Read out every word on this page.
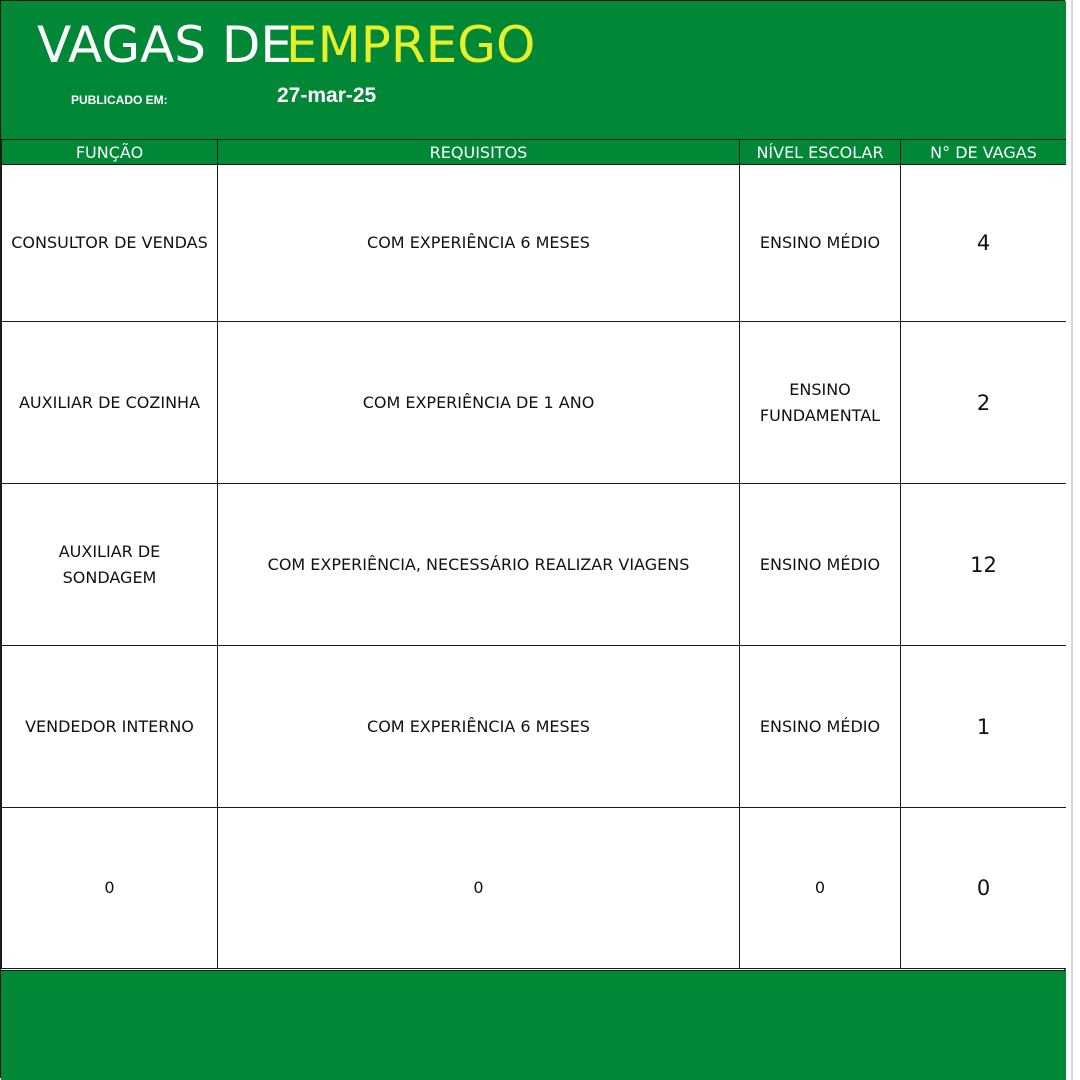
VAGAS DE
EMPREGO
PUBLICADO EM:	27-mar-25
FUNÇÃO	REQUISITOS	NÍVEL ESCOLAR	N° DE VAGAS
CONSULTOR DE VENDAS	COM EXPERIÊNCIA 6 MESES	ENSINO MÉDIO	4
AUXILIAR DE COZINHA	COM EXPERIÊNCIA DE 1 ANO	ENSINO FUNDAMENTAL	2
AUXILIAR DE SONDAGEM	COM EXPERIÊNCIA, NECESSÁRIO REALIZAR VIAGENS	ENSINO MÉDIO	12
VENDEDOR INTERNO	COM EXPERIÊNCIA 6 MESES	ENSINO MÉDIO	1
0	0	0	0
